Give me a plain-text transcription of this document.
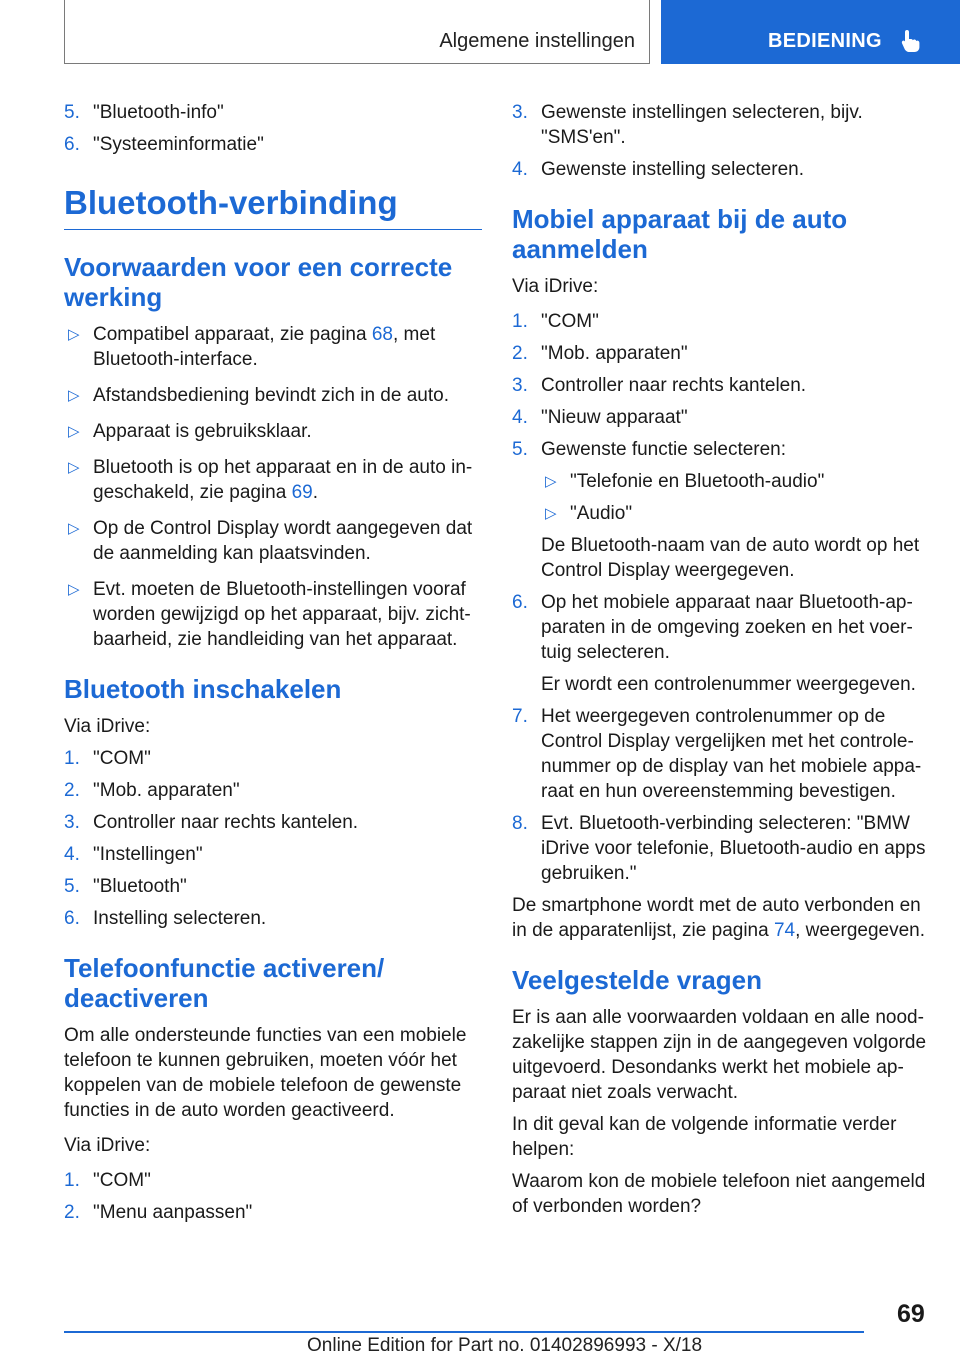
Algemene instellingen	BEDIENING
5. "Bluetooth-info"
6. "Systeeminformatie"
Bluetooth-verbinding
Voorwaarden voor een correcte werking
▷ Compatibel apparaat, zie pagina 68, met Bluetooth-interface.
▷ Afstandsbediening bevindt zich in de auto.
▷ Apparaat is gebruiksklaar.
▷ Bluetooth is op het apparaat en in de auto ingeschakeld, zie pagina 69.
▷ Op de Control Display wordt aangegeven dat de aanmelding kan plaatsvinden.
▷ Evt. moeten de Bluetooth-instellingen vooraf worden gewijzigd op het apparaat, bijv. zichtbaarheid, zie handleiding van het apparaat.
Bluetooth inschakelen
Via iDrive:
1. "COM"
2. "Mob. apparaten"
3. Controller naar rechts kantelen.
4. "Instellingen"
5. "Bluetooth"
6. Instelling selecteren.
Telefoonfunctie activeren/ deactiveren
Om alle ondersteunde functies van een mobiele telefoon te kunnen gebruiken, moeten vóór het koppelen van de mobiele telefoon de gewenste functies in de auto worden geactiveerd.
Via iDrive:
1. "COM"
2. "Menu aanpassen"
3. Gewenste instellingen selecteren, bijv. "SMS'en".
4. Gewenste instelling selecteren.
Mobiel apparaat bij de auto aanmelden
Via iDrive:
1. "COM"
2. "Mob. apparaten"
3. Controller naar rechts kantelen.
4. "Nieuw apparaat"
5. Gewenste functie selecteren:
▷ "Telefonie en Bluetooth-audio"
▷ "Audio"
De Bluetooth-naam van de auto wordt op het Control Display weergegeven.
6. Op het mobiele apparaat naar Bluetooth-apparaten in de omgeving zoeken en het voertuig selecteren.
Er wordt een controlenummer weergegeven.
7. Het weergegeven controlenummer op de Control Display vergelijken met het controlenummer op de display van het mobiele apparaat en hun overeenstemming bevestigen.
8. Evt. Bluetooth-verbinding selecteren: "BMW iDrive voor telefonie, Bluetooth-audio en apps gebruiken."
De smartphone wordt met de auto verbonden en in de apparatenlijst, zie pagina 74, weergegeven.
Veelgestelde vragen
Er is aan alle voorwaarden voldaan en alle noodzakelijke stappen zijn in de aangegeven volgorde uitgevoerd. Desondanks werkt het mobiele apparaat niet zoals verwacht.
In dit geval kan de volgende informatie verder helpen:
Waarom kon de mobiele telefoon niet aangemeld of verbonden worden?
69
Online Edition for Part no. 01402896993 - X/18
